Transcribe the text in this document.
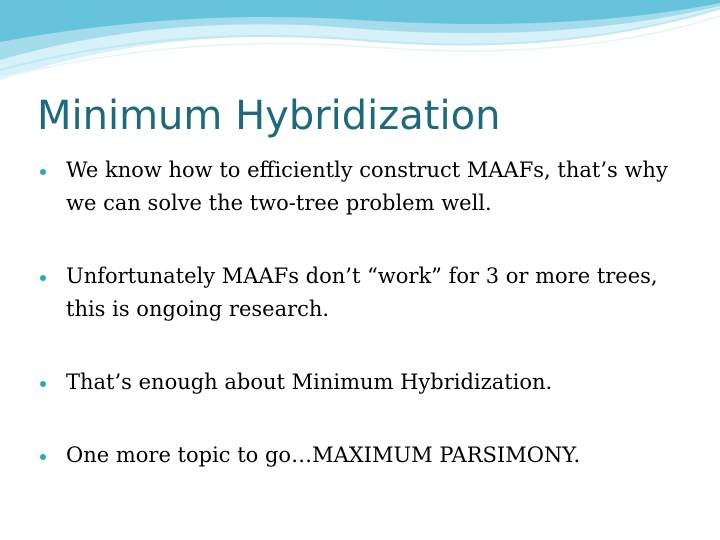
Minimum Hybridization
We know how to efficiently construct MAAFs, that’s why we can solve the two-tree problem well.
Unfortunately MAAFs don’t “work” for 3 or more trees, this is ongoing research.
That’s enough about Minimum Hybridization.
One more topic to go…MAXIMUM PARSIMONY.
